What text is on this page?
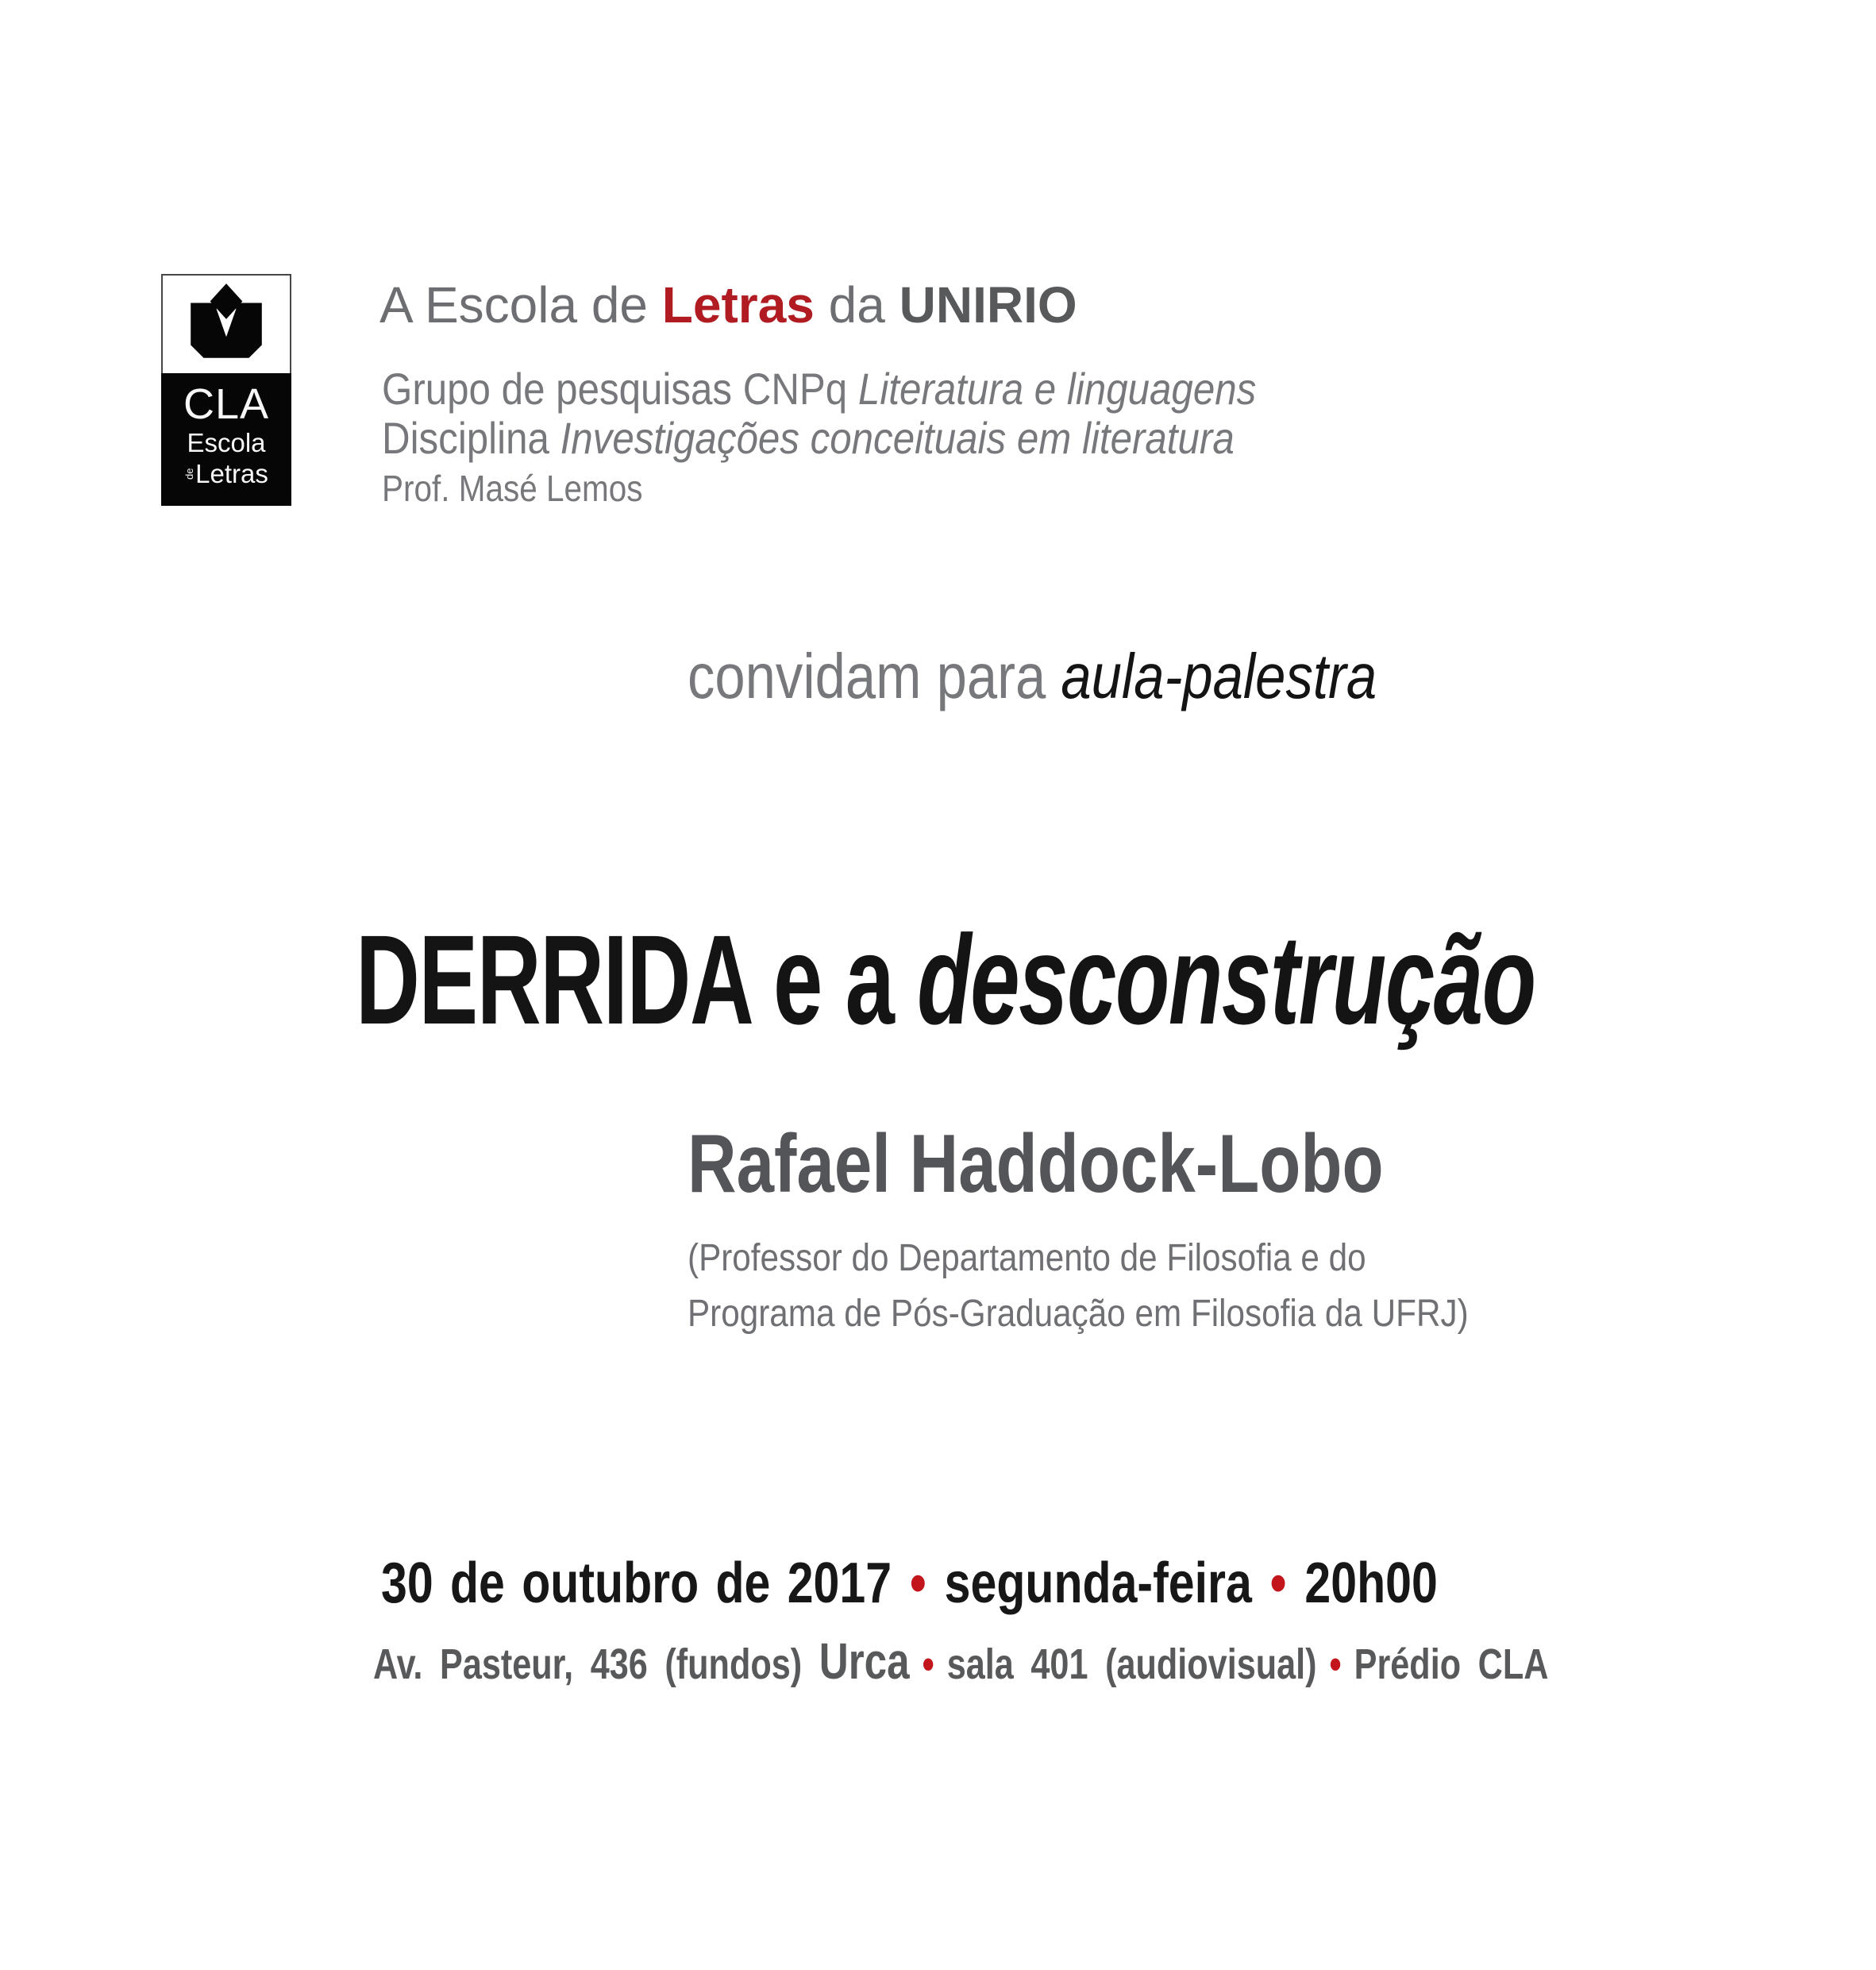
CLA
Escola
de Letras
A Escola de Letras da UNIRIO
Grupo de pesquisas CNPq Literatura e linguagens
Disciplina Investigações conceituais em literatura
Prof. Masé Lemos
convidam para aula-palestra
DERRIDA e a desconstrução
Rafael Haddock-Lobo
(Professor do Departamento de Filosofia e do
Programa de Pós-Graduação em Filosofia da UFRJ)
30 de outubro de 2017 • segunda-feira • 20h00
Av. Pasteur, 436 (fundos) Urca • sala 401 (audiovisual) • Prédio CLA
